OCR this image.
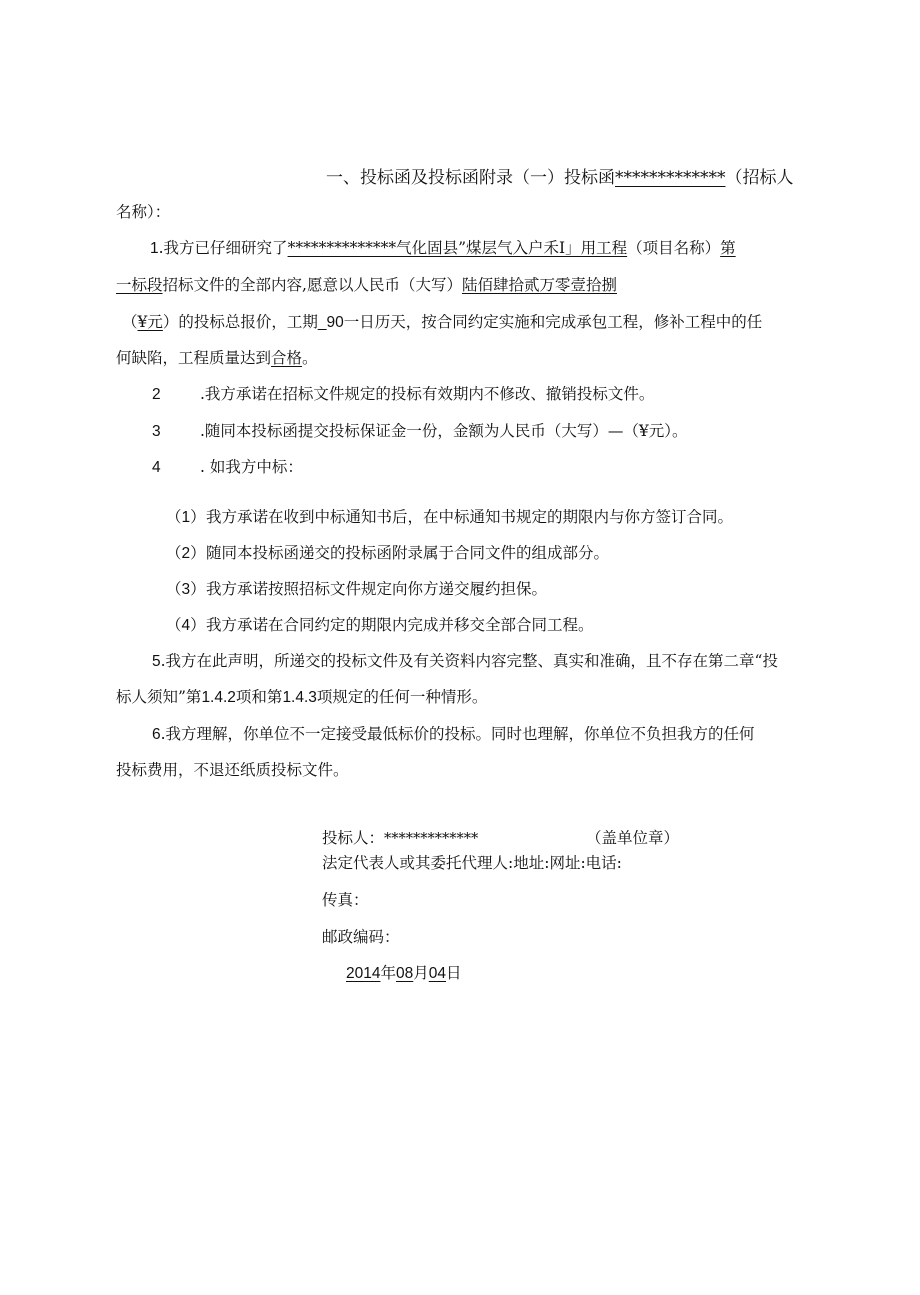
一、投标函及投标函附录（一）投标函*************（招标人
名称）：
1.我方已仔细研究了**************气化固县”煤层气入户禾I」用工程（项目名称）第
一标段招标文件的全部内容,愿意以人民币（大写）陆佰肆拾贰万零壹拾捌
（¥元）的投标总报价，工期_90一日历天，按合同约定实施和完成承包工程，修补工程中的任
何缺陷，工程质量达到合格。
2	.我方承诺在招标文件规定的投标有效期内不修改、撤销投标文件。
3	.随同本投标函提交投标保证金一份，金额为人民币（大写）—（¥元）。
4	. 如我方中标：
（1）我方承诺在收到中标通知书后，在中标通知书规定的期限内与你方签订合同。
（2）随同本投标函递交的投标函附录属于合同文件的组成部分。
（3）我方承诺按照招标文件规定向你方递交履约担保。
（4）我方承诺在合同约定的期限内完成并移交全部合同工程。
5.我方在此声明，所递交的投标文件及有关资料内容完整、真实和准确，且不存在第二章“投
标人须知”第1.4.2项和第1.4.3项规定的任何一种情形。
6.我方理解，你单位不一定接受最低标价的投标。同时也理解，你单位不负担我方的任何
投标费用，不退还纸质投标文件。
投标人：*************	（盖单位章）
法定代表人或其委托代理人:地址:网址:电话:
传真：
邮政编码：
2014年08月04日
